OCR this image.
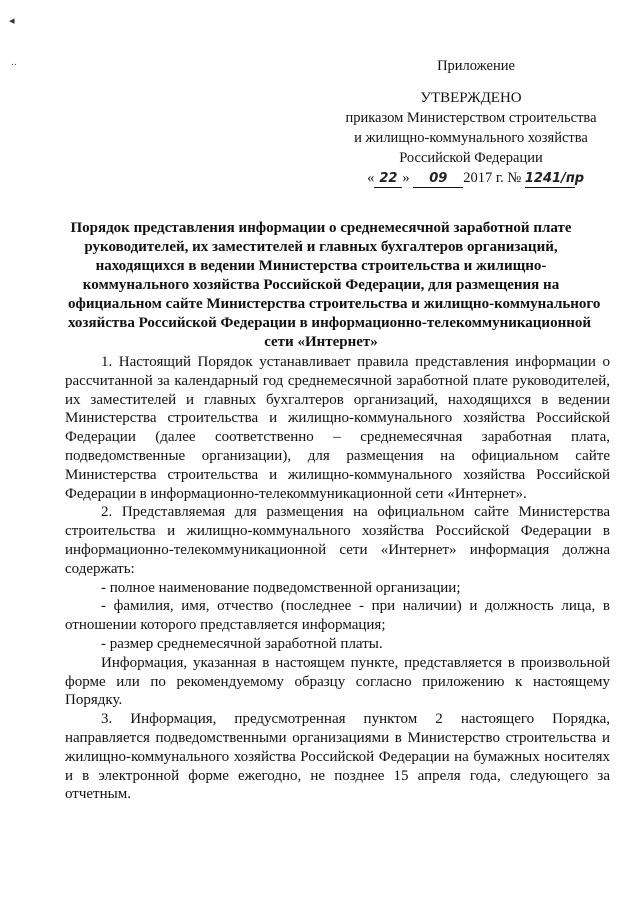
◂
‥	Приложение
УТВЕРЖДЕНО
приказом Министерством строительства
и жилищно-коммунального хозяйства
Российской Федерации
« 22 » 09 2017 г. № 1241/пр
Порядок представления информации о среднемесячной заработной плате
руководителей, их заместителей и главных бухгалтеров организаций,
находящихся в ведении Министерства строительства и жилищно-
коммунального хозяйства Российской Федерации, для размещения на
официальном сайте Министерства строительства и жилищно-коммунального
хозяйства Российской Федерации в информационно-телекоммуникационной
сети «Интернет»

1. Настоящий Порядок устанавливает правила представления информации о рассчитанной за календарный год среднемесячной заработной плате руководителей, их заместителей и главных бухгалтеров организаций, находящихся в ведении Министерства строительства и жилищно-коммунального хозяйства Российской Федерации (далее соответственно – среднемесячная заработная плата, подведомственные организации), для размещения на официальном сайте Министерства строительства и жилищно-коммунального хозяйства Российской Федерации в информационно-телекоммуникационной сети «Интернет».

2. Представляемая для размещения на официальном сайте Министерства строительства и жилищно-коммунального хозяйства Российской Федерации в информационно-телекоммуникационной сети «Интернет» информация должна содержать:

- полное наименование подведомственной организации;

- фамилия, имя, отчество (последнее - при наличии) и должность лица, в отношении которого представляется информация;

- размер среднемесячной заработной платы.

Информация, указанная в настоящем пункте, представляется в произвольной форме или по рекомендуемому образцу согласно приложению к настоящему Порядку.

3. Информация, предусмотренная пунктом 2 настоящего Порядка, направляется подведомственными организациями в Министерство строительства и жилищно-коммунального хозяйства Российской Федерации на бумажных носителях и в электронной форме ежегодно, не позднее 15 апреля года, следующего за отчетным.
